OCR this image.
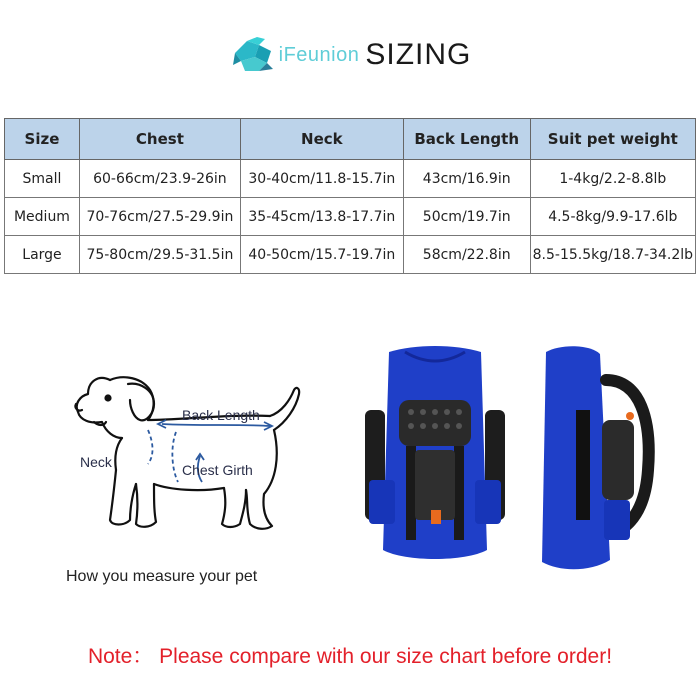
iFeunion SIZING
Size	Chest	Neck	Back Length	Suit pet weight
Small	60-66cm/23.9-26in	30-40cm/11.8-15.7in	43cm/16.9in	1-4kg/2.2-8.8lb
Medium	70-76cm/27.5-29.9in	35-45cm/13.8-17.7in	50cm/19.7in	4.5-8kg/9.9-17.6lb
Large	75-80cm/29.5-31.5in	40-50cm/15.7-19.7in	58cm/22.8in	8.5-15.5kg/18.7-34.2lb
Back Length
Neck	Chest Girth
How you measure your pet
Note： Please compare with our size chart before order!
